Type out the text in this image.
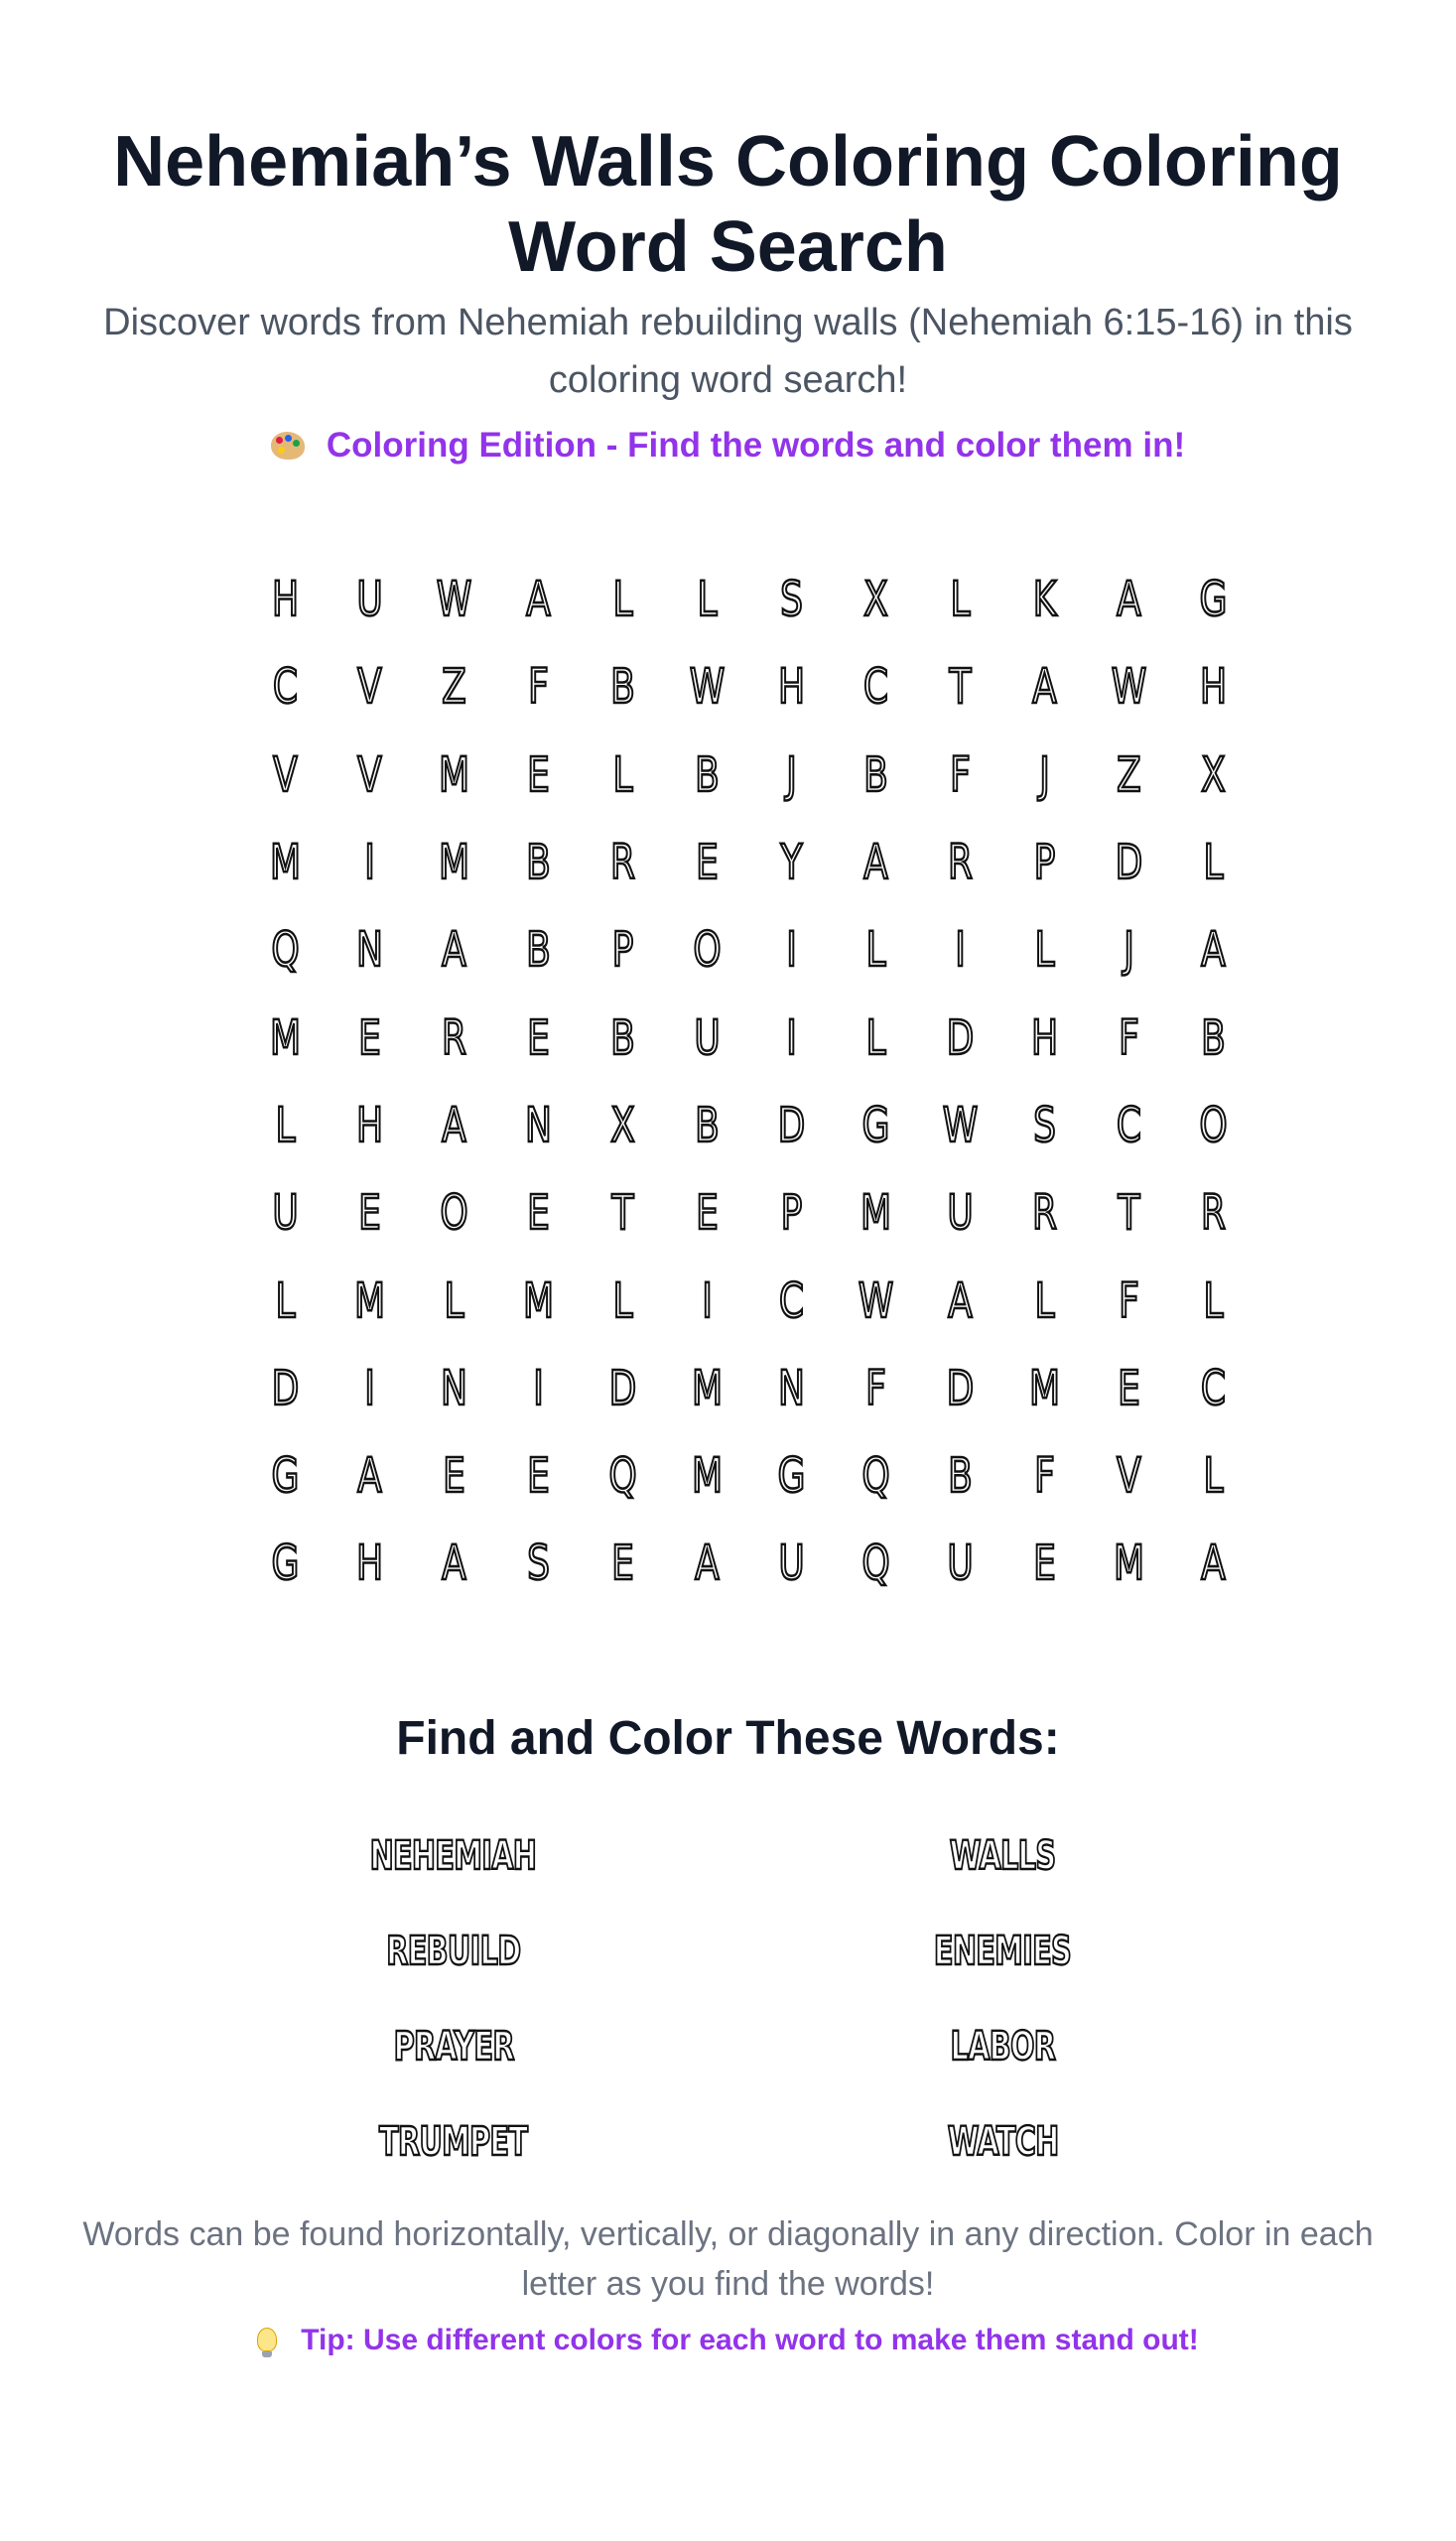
Nehemiah’s Walls Coloring Coloring Word Search

Discover words from Nehemiah rebuilding walls (Nehemiah 6:15-16) in this coloring word search!

Coloring Edition - Find the words and color them in!
H	U	W	A	L	L	S	X	L	K	A	G
C	V	Z	F	B	W	H	C	T	A	W	H
V	V	M	E	L	B	J	B	F	J	Z	X
M	I	M	B	R	E	Y	A	R	P	D	L
Q	N	A	B	P	O	I	L	I	L	J	A
M	E	R	E	B	U	I	L	D	H	F	B
L	H	A	N	X	B	D	G	W	S	C	O
U	E	O	E	T	E	P	M	U	R	T	R
L	M	L	M	L	I	C	W	A	L	F	L
D	I	N	I	D	M	N	F	D	M	E	C
G	A	E	E	Q	M	G	Q	B	F	V	L
G	H	A	S	E	A	U	Q	U	E	M	A
Find and Color These Words:
NEHEMIAH	WALLS
REBUILD	ENEMIES
PRAYER	LABOR
TRUMPET	WATCH

Words can be found horizontally, vertically, or diagonally in any direction. Color in each letter as you find the words!

Tip: Use different colors for each word to make them stand out!
